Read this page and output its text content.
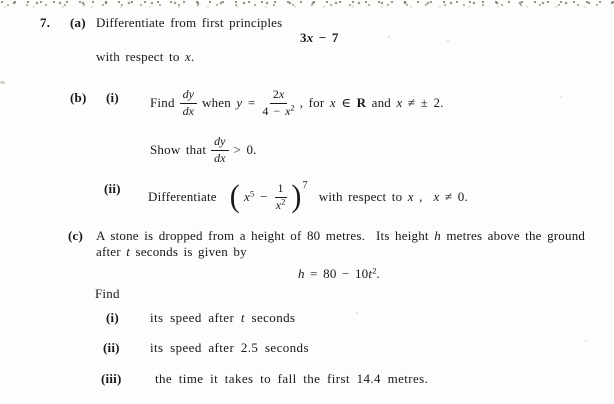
7. (a) Differentiate from first principles
3x − 7
with respect to x.
(b) (i) Find $\frac{dy}{dx}$ when $y = \frac{2x}{4 - x^2}$ , for x ∈ R and x ≠ ± 2.
Show that $\frac{dy}{dx} > 0$.
(ii)
Differentiate ( $x^5 - \frac{1}{x^2} )^7$
with respect to x ,  x ≠ 0.
(c) A stone is dropped from a height of 80 metres.  Its height h metres above the ground
after t seconds is given by
$h = 80 - 10t^2$.
Find
(i) its speed after t seconds
(ii) its speed after 2.5 seconds
(iii)	the time it takes to fall the first 14.4 metres.
